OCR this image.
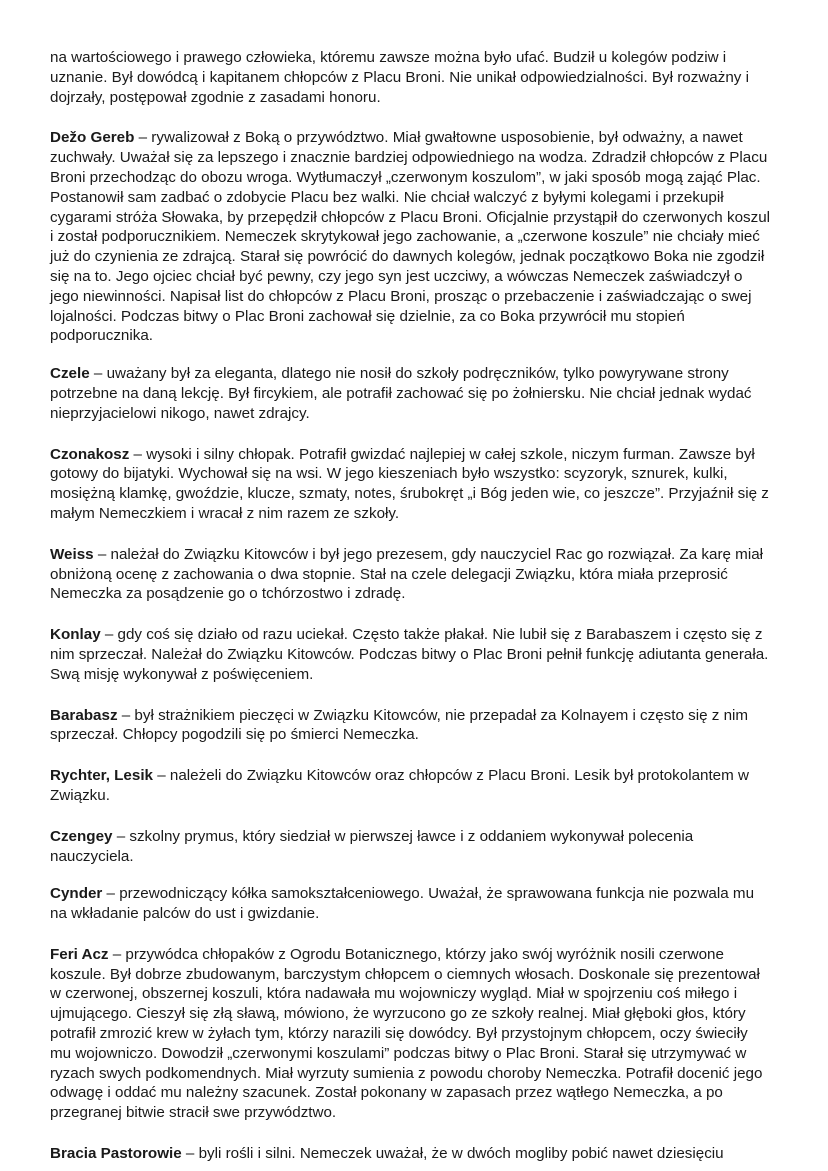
na wartościowego i prawego człowieka, któremu zawsze można było ufać. Budził u kolegów podziw i uznanie. Był dowódcą i kapitanem chłopców z Placu Broni. Nie unikał odpowiedzialności. Był rozważny i dojrzały, postępował zgodnie z zasadami honoru.

Dežo Gereb – rywalizował z Boką o przywództwo. Miał gwałtowne usposobienie, był odważny, a nawet zuchwały. Uważał się za lepszego i znacznie bardziej odpowiedniego na wodza. Zdradził chłopców z Placu Broni przechodząc do obozu wroga. Wytłumaczył „czerwonym koszulom”, w jaki sposób mogą zająć Plac. Postanowił sam zadbać o zdobycie Placu bez walki. Nie chciał walczyć z byłymi kolegami i przekupił cygarami stróża Słowaka, by przepędził chłopców z Placu Broni. Oficjalnie przystąpił do czerwonych koszul i został podporucznikiem. Nemeczek skrytykował jego zachowanie, a „czerwone koszule” nie chciały mieć już do czynienia ze zdrajcą. Starał się powrócić do dawnych kolegów, jednak początkowo Boka nie zgodził się na to. Jego ojciec chciał być pewny, czy jego syn jest uczciwy, a wówczas Nemeczek zaświadczył o jego niewinności. Napisał list do chłopców z Placu Broni, prosząc o przebaczenie i zaświadczając o swej lojalności. Podczas bitwy o Plac Broni zachował się dzielnie, za co Boka przywrócił mu stopień podporucznika.

Czele – uważany był za eleganta, dlatego nie nosił do szkoły podręczników, tylko powyrywane strony potrzebne na daną lekcję. Był fircykiem, ale potrafił zachować się po żołniersku. Nie chciał jednak wydać nieprzyjacielowi nikogo, nawet zdrajcy.

Czonakosz – wysoki i silny chłopak. Potrafił gwizdać najlepiej w całej szkole, niczym furman. Zawsze był gotowy do bijatyki. Wychował się na wsi. W jego kieszeniach było wszystko: scyzoryk, sznurek, kulki, mosiężną klamkę, gwoździe, klucze, szmaty, notes, śrubokręt „i Bóg jeden wie, co jeszcze”. Przyjaźnił się z małym Nemeczkiem i wracał z nim razem ze szkoły.

Weiss – należał do Związku Kitowców i był jego prezesem, gdy nauczyciel Rac go rozwiązał. Za karę miał obniżoną ocenę z zachowania o dwa stopnie. Stał na czele delegacji Związku, która miała przeprosić Nemeczka za posądzenie go o tchórzostwo i zdradę.

Konlay – gdy coś się działo od razu uciekał. Często także płakał. Nie lubił się z Barabaszem i często się z nim sprzeczał. Należał do Związku Kitowców. Podczas bitwy o Plac Broni pełnił funkcję adiutanta generała. Swą misję wykonywał z poświęceniem.

Barabasz – był strażnikiem pieczęci w Związku Kitowców, nie przepadał za Kolnayem i często się z nim sprzeczał. Chłopcy pogodzili się po śmierci Nemeczka.

Rychter, Lesik – należeli do Związku Kitowców oraz chłopców z Placu Broni. Lesik był protokolantem w Związku.

Czengey – szkolny prymus, który siedział w pierwszej ławce i z oddaniem wykonywał polecenia nauczyciela.

Cynder – przewodniczący kółka samokształceniowego. Uważał, że sprawowana funkcja nie pozwala mu na wkładanie palców do ust i gwizdanie.

Feri Acz – przywódca chłopaków z Ogrodu Botanicznego, którzy jako swój wyróżnik nosili czerwone koszule. Był dobrze zbudowanym, barczystym chłopcem o ciemnych włosach. Doskonale się prezentował w czerwonej, obszernej koszuli, która nadawała mu wojowniczy wygląd. Miał w spojrzeniu coś miłego i ujmującego. Cieszył się złą sławą, mówiono, że wyrzucono go ze szkoły realnej. Miał głęboki głos, który potrafił zmrozić krew w żyłach tym, którzy narazili się dowódcy. Był przystojnym chłopcem, oczy świeciły mu wojowniczo. Dowodził „czerwonymi koszulami” podczas bitwy o Plac Broni. Starał się utrzymywać w ryzach swych podkomendnych. Miał wyrzuty sumienia z powodu choroby Nemeczka. Potrafił docenić jego odwagę i oddać mu należny szacunek. Został pokonany w zapasach przez wątłego Nemeczka, a po przegranej bitwie stracił swe przywództwo.

Bracia Pastorowie – byli rośli i silni. Nemeczek uważał, że w dwóch mogliby pobić nawet dziesięciu
